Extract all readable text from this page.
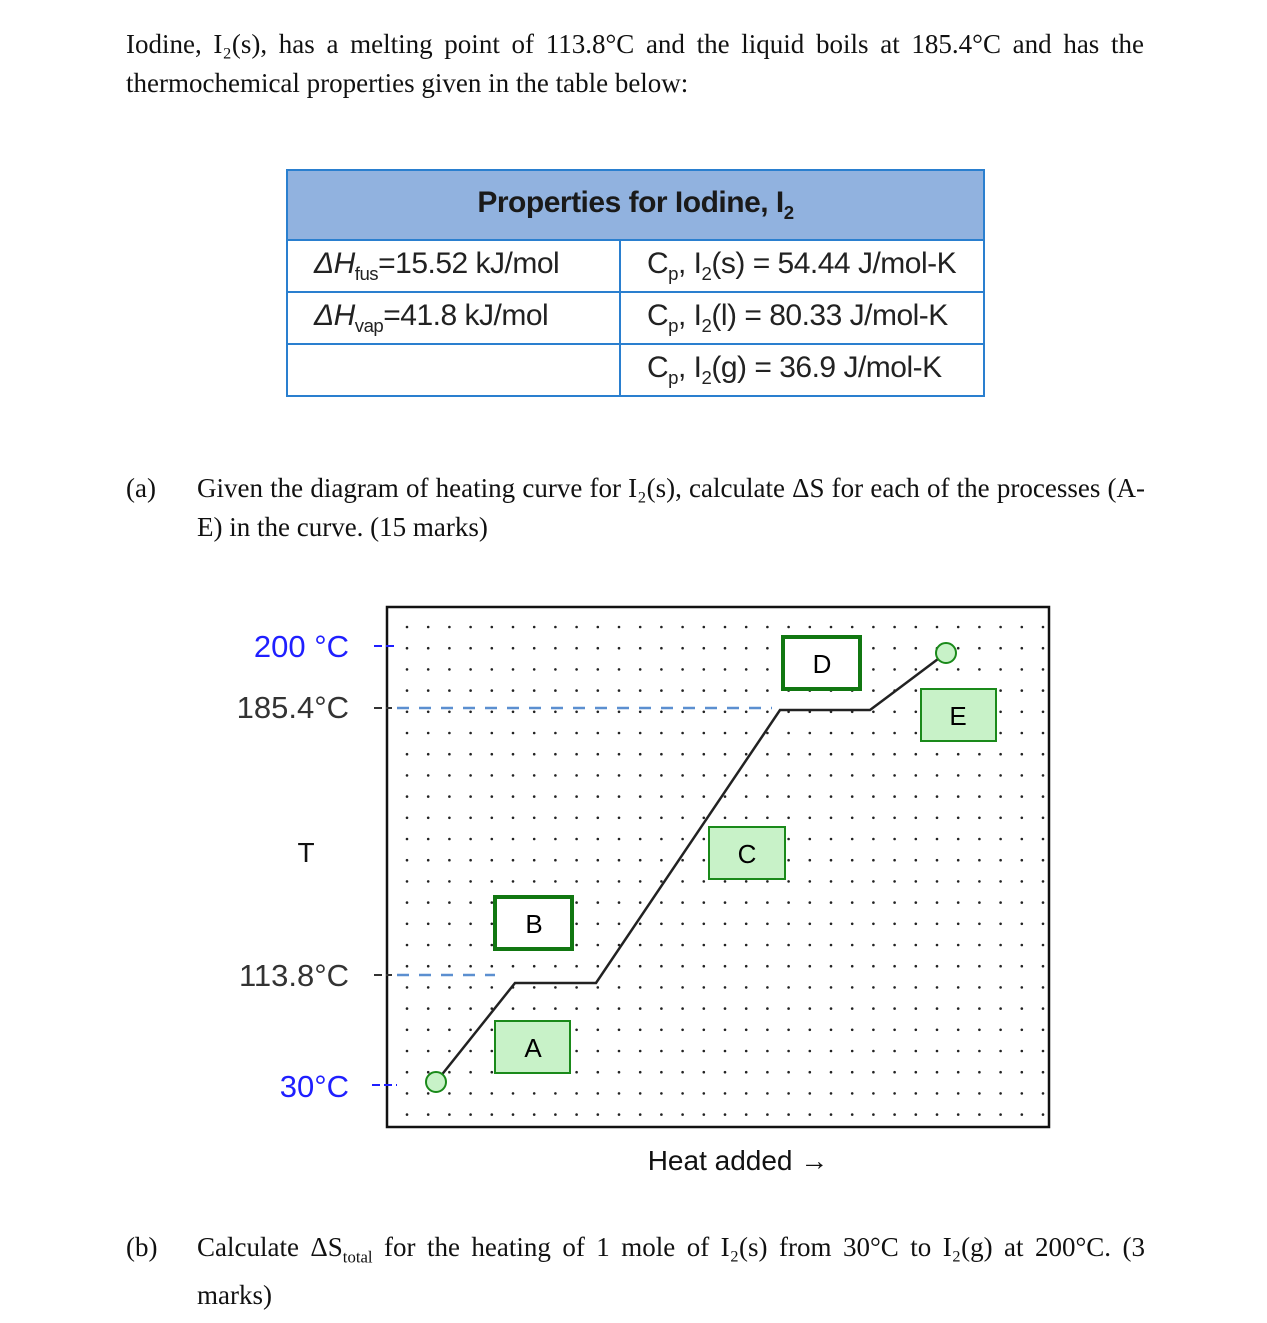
Iodine, I₂(s), has a melting point of 113.8°C and the liquid boils at 185.4°C and has the thermochemical properties given in the table below:
Properties for Iodine, $I_2$
$\Delta H_{fus}=15.52$ kJ/mol	$C_p$, $I_2(s) = 54.44$ J/mol-K
$\Delta H_{vap}=41.8$ kJ/mol	$C_p$, $I_2(l) = 80.33$ J/mol-K
	$C_p$, $I_2(g) = 36.9$ J/mol-K
(a) Given the diagram of heating curve for I₂(s), calculate ΔS for each of the processes (A- E) in the curve. (15 marks)
200 °C
185.4°C
T
113.8°C
30°C
Heat added →
A
B
C
D
E
(b) Calculate $\Delta S_{total}$ for the heating of 1 mole of I₂(s) from 30°C to I₂(g) at 200°C. (3 marks)
